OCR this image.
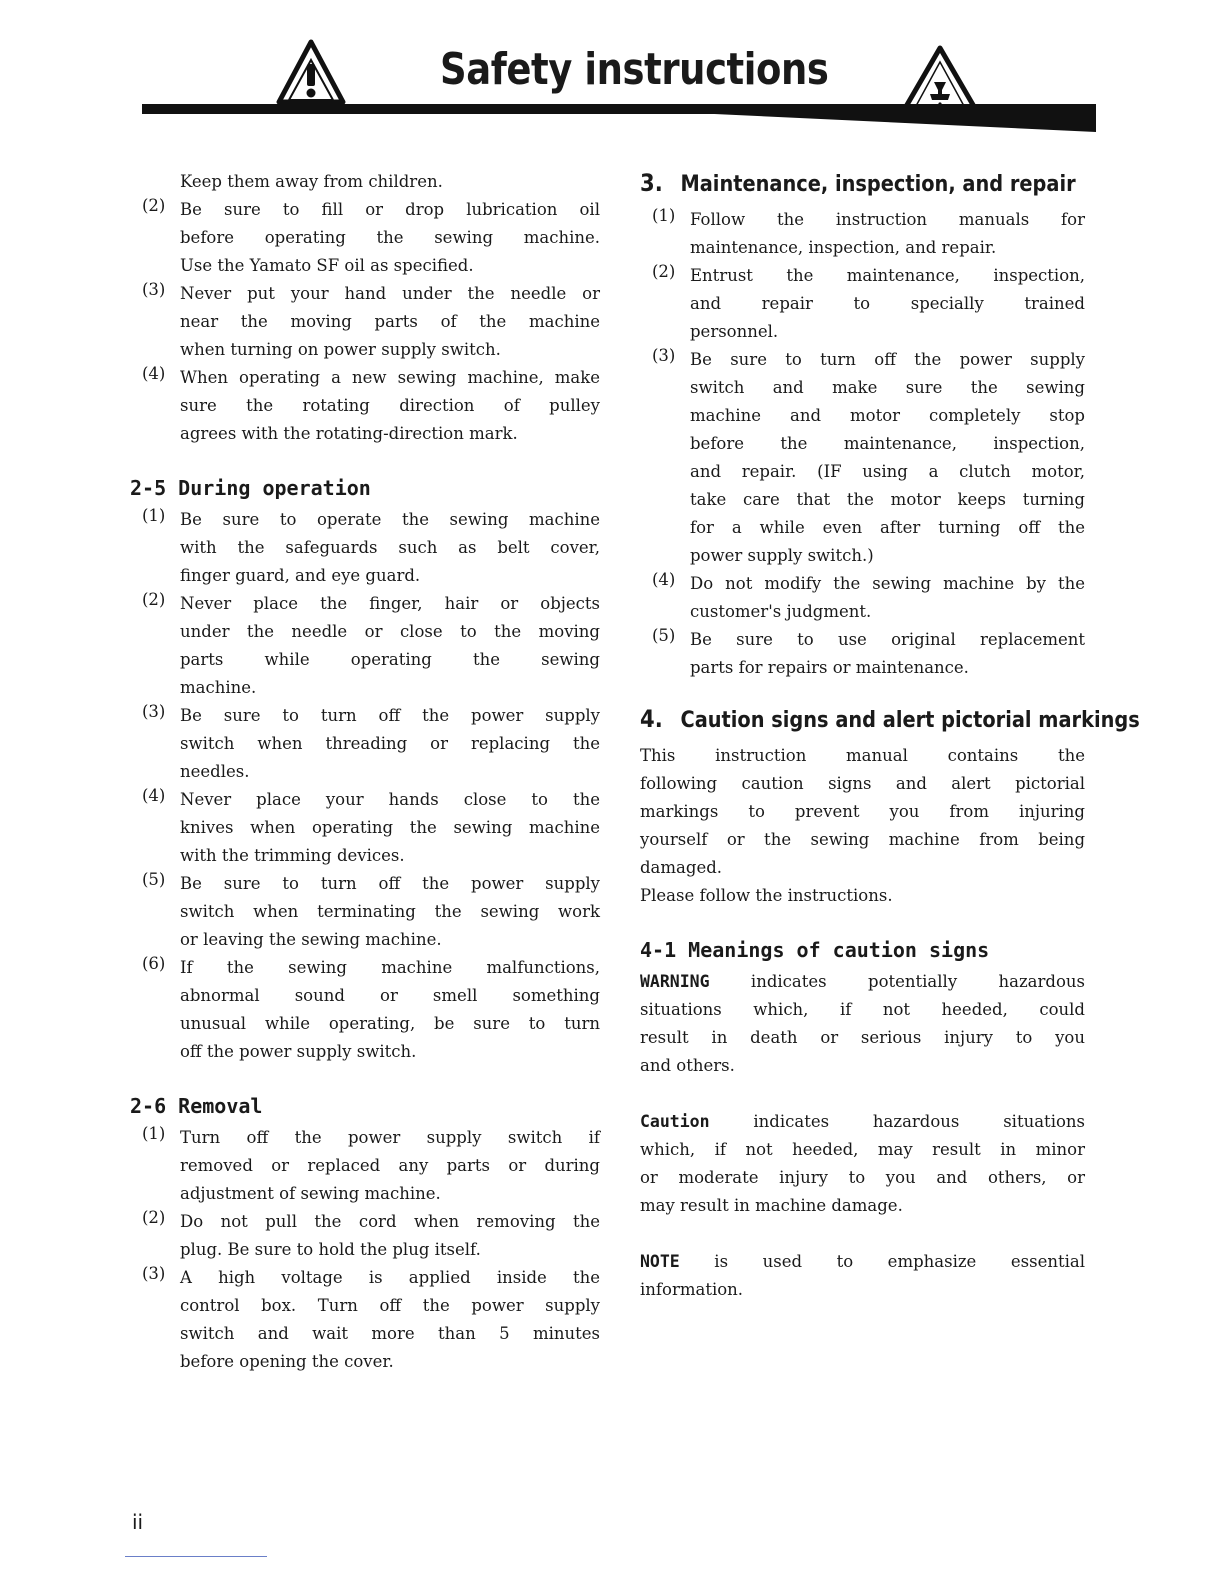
Safety instructions

Keep them away from children.

(2) Be sure to fill or drop lubrication oil
before operating the sewing machine.
Use the Yamato SF oil as specified.
(3) Never put your hand under the needle or
near the moving parts of the machine
when turning on power supply switch.
(4) When operating a new sewing machine, make
sure the rotating direction of pulley
agrees with the rotating-direction mark.
2-5 During operation
(1) Be sure to operate the sewing machine
with the safeguards such as belt cover,
finger guard, and eye guard.
(2) Never place the finger, hair or objects
under the needle or close to the moving
parts while operating the sewing
machine.
(3) Be sure to turn off the power supply
switch when threading or replacing the
needles.
(4) Never place your hands close to the
knives when operating the sewing machine
with the trimming devices.
(5) Be sure to turn off the power supply
switch when terminating the sewing work
or leaving the sewing machine.
(6) If the sewing machine malfunctions,
abnormal sound or smell something
unusual while operating, be sure to turn
off the power supply switch.
2-6 Removal
(1) Turn off the power supply switch if
removed or replaced any parts or during
adjustment of sewing machine.
(2) Do not pull the cord when removing the
plug. Be sure to hold the plug itself.
(3) A high voltage is applied inside the
control box. Turn off the power supply
switch and wait more than 5 minutes
before opening the cover.
3. Maintenance, inspection, and repair
(1) Follow the instruction manuals for
maintenance, inspection, and repair.
(2) Entrust the maintenance, inspection,
and repair to specially trained
personnel.
(3) Be sure to turn off the power supply
switch and make sure the sewing
machine and motor completely stop
before the maintenance, inspection,
and repair. (IF using a clutch motor,
take care that the motor keeps turning
for a while even after turning off the
power supply switch.)
(4) Do not modify the sewing machine by the
customer's judgment.
(5) Be sure to use original replacement
parts for repairs or maintenance.
4. Caution signs and alert pictorial markings
This instruction manual contains the
following caution signs and alert pictorial
markings to prevent you from injuring
yourself or the sewing machine from being
damaged.

Please follow the instructions.

4-1 Meanings of caution signs
WARNING indicates potentially hazardous
situations which, if not heeded, could
result in death or serious injury to you
and others.
Caution indicates hazardous situations
which, if not heeded, may result in minor
or moderate injury to you and others, or
may result in machine damage.
NOTE is used to emphasize essential
information.
ii
